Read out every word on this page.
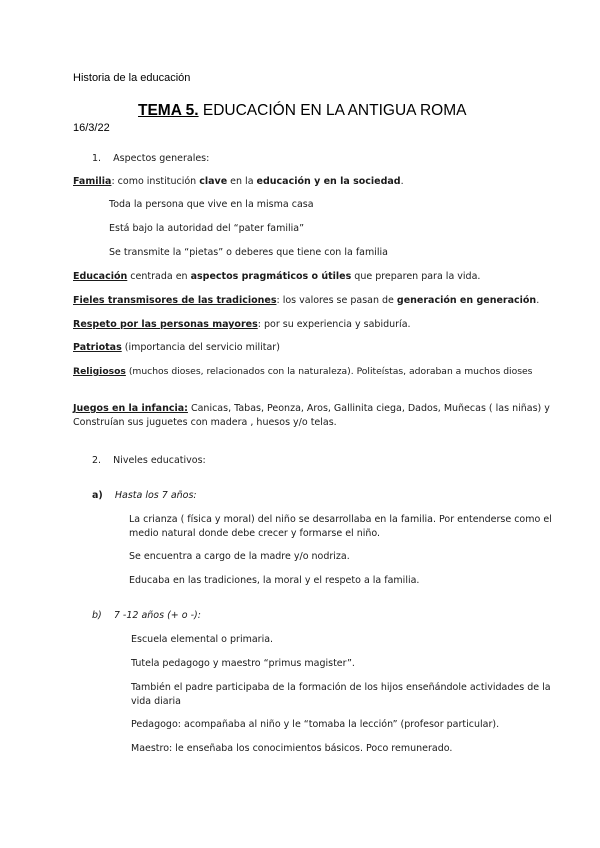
Historia de la educación
TEMA 5. EDUCACIÓN EN LA ANTIGUA ROMA
16/3/22
1. Aspectos generales:
Familia: como institución clave en la educación y en la sociedad.
Toda la persona que vive en la misma casa
Está bajo la autoridad del “pater familia”
Se transmite la “pietas” o deberes que tiene con la familia
Educación centrada en aspectos pragmáticos o útiles que preparen para la vida.
Fieles transmisores de las tradiciones: los valores se pasan de generación en generación.
Respeto por las personas mayores: por su experiencia y sabiduría.
Patriotas (importancia del servicio militar)
Religiosos (muchos dioses, relacionados con la naturaleza). Politeístas, adoraban a muchos dioses
Juegos en la infancia: Canicas, Tabas, Peonza, Aros, Gallinita ciega, Dados, Muñecas ( las niñas) y
Construían sus juguetes con madera , huesos y/o telas.
2. Niveles educativos:
a) Hasta los 7 años:
La crianza ( física y moral) del niño se desarrollaba en la familia. Por entenderse como el
medio natural donde debe crecer y formarse el niño.
Se encuentra a cargo de la madre y/o nodriza.
Educaba en las tradiciones, la moral y el respeto a la familia.
b) 7 -12 años (+ o -):
Escuela elemental o primaria.
Tutela pedagogo y maestro “primus magister”.
También el padre participaba de la formación de los hijos enseñándole actividades de la
vida diaria
Pedagogo: acompañaba al niño y le “tomaba la lección” (profesor particular).
Maestro: le enseñaba los conocimientos básicos. Poco remunerado.
